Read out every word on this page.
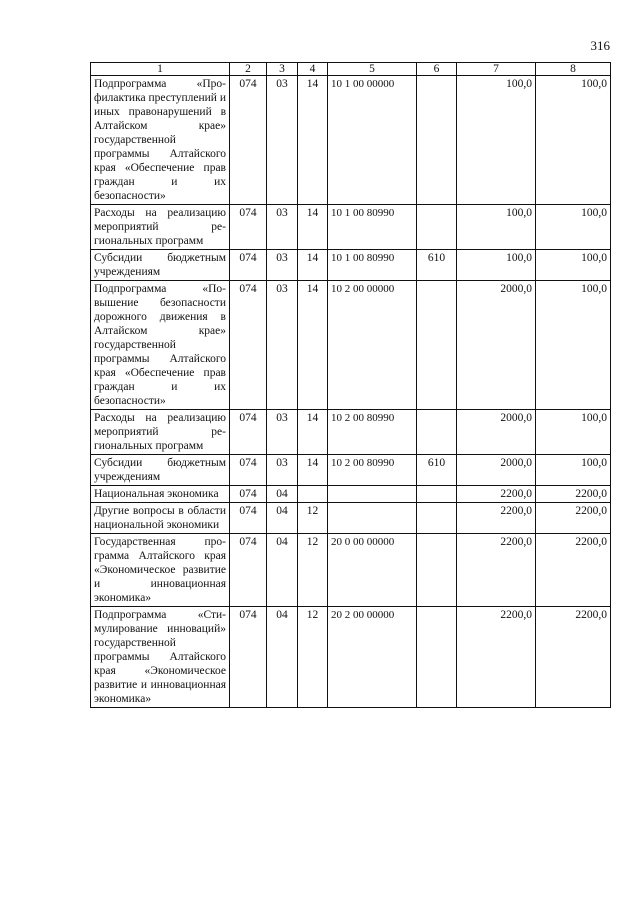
316
1	2	3	4	5	6	7	8
Подпрограмма «Профилактика преступлений и иных правонарушений в Алтайском крае» государственной программы Алтайского края «Обеспечение прав граждан и их безопасности»	074	03	14	10 1 00 00000		100,0	100,0
Расходы на реализацию мероприятий региональных программ	074	03	14	10 1 00 80990		100,0	100,0
Субсидии бюджетным учреждениям	074	03	14	10 1 00 80990	610	100,0	100,0
Подпрограмма «Повышение безопасности дорожного движения в Алтайском крае» государственной программы Алтайского края «Обеспечение прав граждан и их безопасности»	074	03	14	10 2 00 00000		2000,0	100,0
Расходы на реализацию мероприятий региональных программ	074	03	14	10 2 00 80990		2000,0	100,0
Субсидии бюджетным учреждениям	074	03	14	10 2 00 80990	610	2000,0	100,0
Национальная экономика	074	04				2200,0	2200,0
Другие вопросы в области национальной экономики	074	04	12			2200,0	2200,0
Государственная программа Алтайского края «Экономическое развитие и инновационная экономика»	074	04	12	20 0 00 00000		2200,0	2200,0
Подпрограмма «Стимулирование инноваций» государственной программы Алтайского края «Экономическое развитие и инновационная экономика»	074	04	12	20 2 00 00000		2200,0	2200,0
